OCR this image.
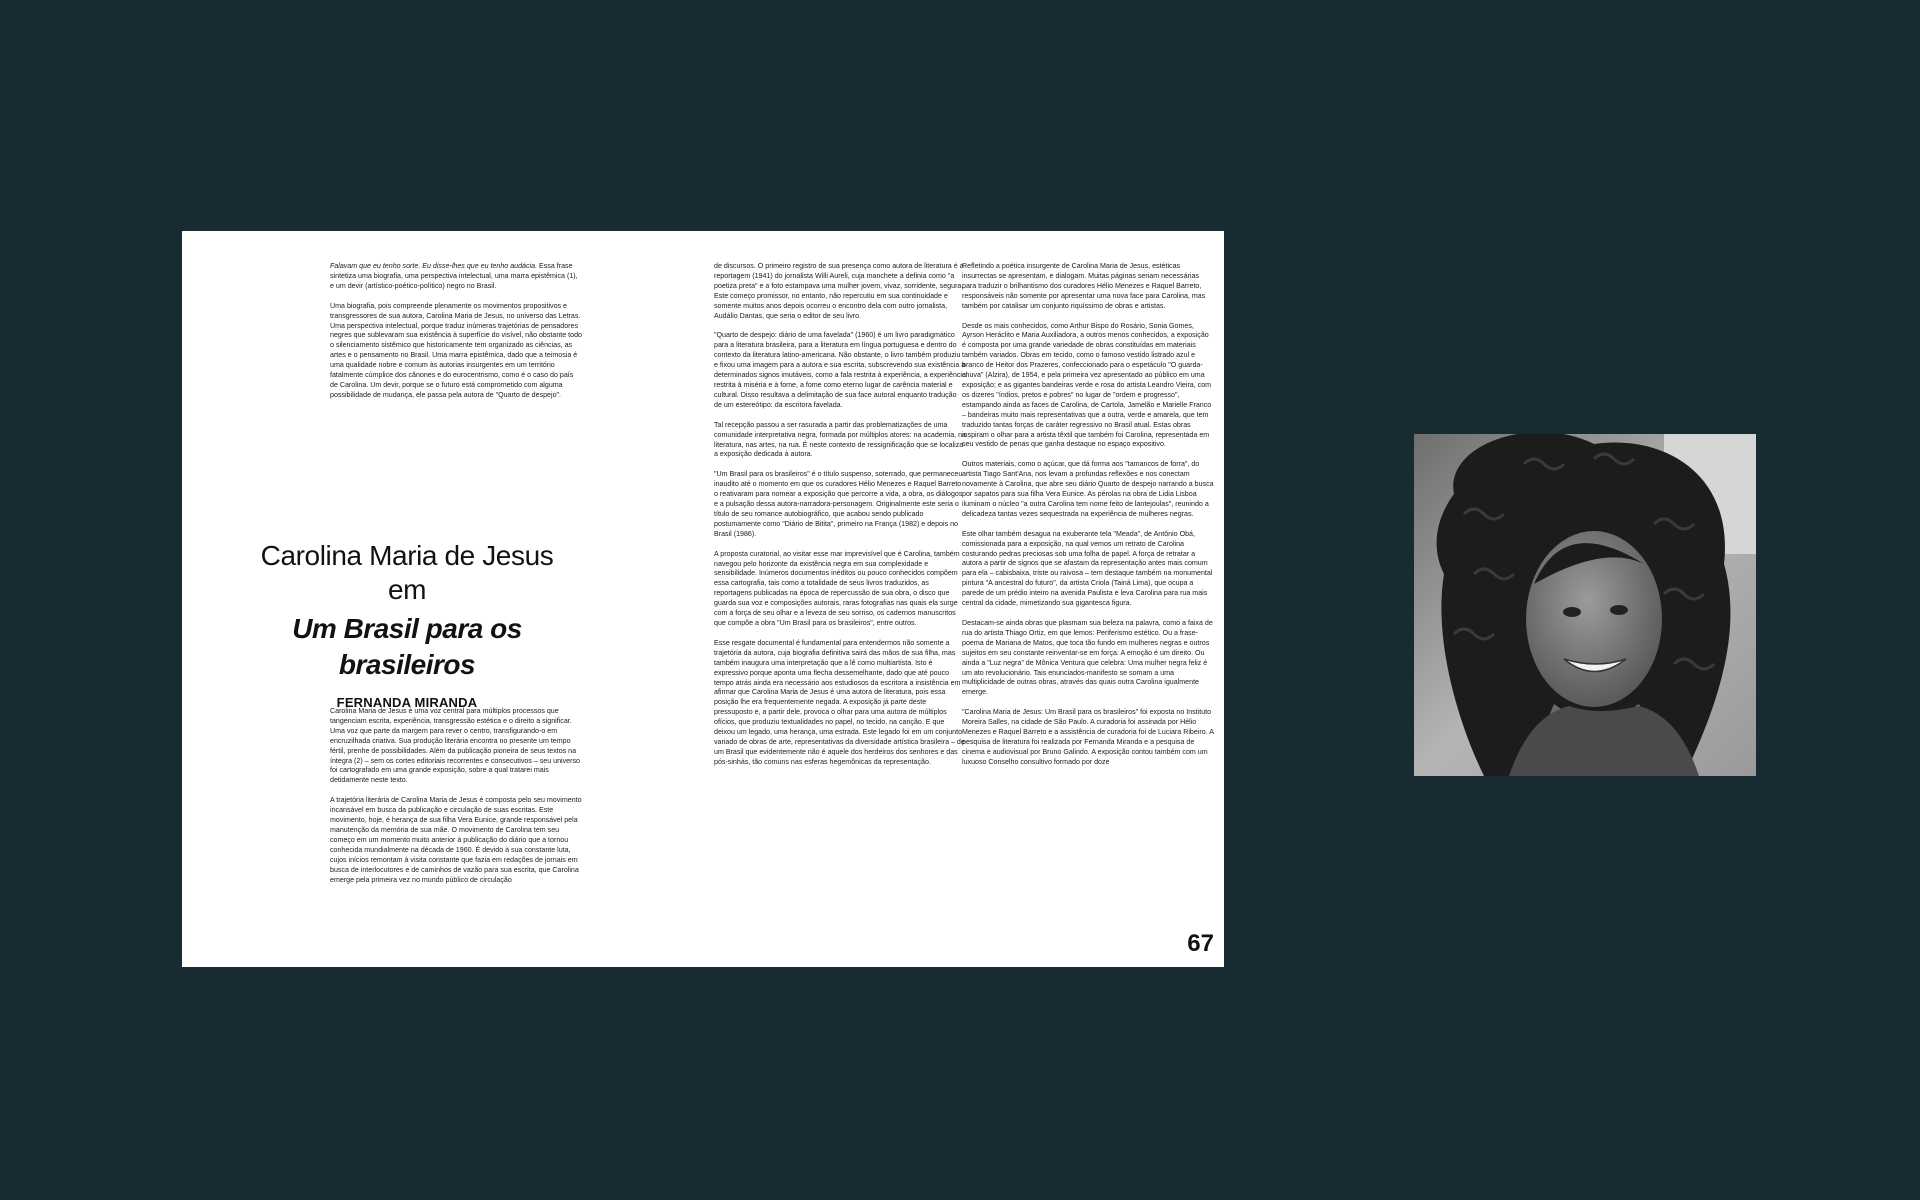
Falavam que eu tenho sorte. Eu disse-lhes que eu tenho audácia. Essa frase sintetiza uma biografia, uma perspectiva intelectual, uma marra epistêmica (1), e um devir (artístico-poético-político) negro no Brasil.

Uma biografia, pois compreende plenamente os movimentos propositivos e transgressores de sua autora, Carolina Maria de Jesus, no universo das Letras. Uma perspectiva intelectual, porque traduz inúmeras trajetórias de pensadores negres que sublevaram sua existência à superfície do visível, não obstante todo o silenciamento sistêmico que historicamente tem organizado as ciências, as artes e o pensamento no Brasil. Uma marra epistêmica, dado que a teimosia é uma qualidade nobre e comum às autorias insurgentes em um território fatalmente cúmplice dos cânones e do eurocentrismo, como é o caso do país de Carolina. Um devir, porque se o futuro está comprometido com alguma possibilidade de mudança, ele passa pela autora de "Quarto de despejo".

Carolina Maria de Jesus em
Um Brasil para os brasileiros
FERNANDA MIRANDA

Carolina Maria de Jesus é uma voz central para múltiplos processos que tangenciam escrita, experiência, transgressão estética e o direito a significar. Uma voz que parte da margem para rever o centro, transfigurando-o em encruzilhada criativa. Sua produção literária encontra no presente um tempo fértil, prenhe de possibilidades. Além da publicação pioneira de seus textos na íntegra (2) – sem os cortes editoriais recorrentes e consecutivos – seu universo foi cartografado em uma grande exposição, sobre a qual tratarei mais detidamente neste texto.

A trajetória literária de Carolina Maria de Jesus é composta pelo seu movimento incansável em busca da publicação e circulação de suas escritas. Este movimento, hoje, é herança de sua filha Vera Eunice, grande responsável pela manutenção da memória de sua mãe. O movimento de Carolina tem seu começo em um momento muito anterior à publicação do diário que a tornou conhecida mundialmente na década de 1960. É devido à sua constante luta, cujos inícios remontam à visita constante que fazia em redações de jornais em busca de interlocutores e de caminhos de vazão para sua escrita, que Carolina emerge pela primeira vez no mundo público de circulação

de discursos. O primeiro registro de sua presença como autora de literatura é a reportagem (1941) do jornalista Willi Aureli, cuja manchete a definia como "a poetiza preta" e a foto estampava uma mulher jovem, vivaz, sorridente, segura. Este começo promissor, no entanto, não repercutiu em sua continuidade e somente muitos anos depois ocorreu o encontro dela com outro jornalista, Audálio Dantas, que seria o editor de seu livro.

"Quarto de despejo: diário de uma favelada" (1960) é um livro paradigmático para a literatura brasileira, para a literatura em língua portuguesa e dentro do contexto da literatura latino-americana. Não obstante, o livro também produziu e fixou uma imagem para a autora e sua escrita, subscrevendo sua existência a determinados signos imutáveis, como a fala restrita à experiência, a experiência restrita à miséria e à fome, a fome como eterno lugar de carência material e cultural. Disso resultava a delimitação de sua face autoral enquanto tradução de um estereótipo: da escritora favelada.

Tal recepção passou a ser rasurada a partir das problematizações de uma comunidade interpretativa negra, formada por múltiplos atores: na academia, na literatura, nas artes, na rua. É neste contexto de ressignificação que se localiza a exposição dedicada à autora.

"Um Brasil para os brasileiros" é o título suspenso, soterrado, que permaneceu inaudito até o momento em que os curadores Hélio Menezes e Raquel Barreto o reativaram para nomear a exposição que percorre a vida, a obra, os diálogos e a pulsação dessa autora-narradora-personagem. Originalmente este seria o título de seu romance autobiográfico, que acabou sendo publicado postumamente como "Diário de Bitita", primeiro na França (1982) e depois no Brasil (1986).

A proposta curatorial, ao visitar esse mar imprevisível que é Carolina, também navegou pelo horizonte da existência negra em sua complexidade e sensibilidade. Inúmeros documentos inéditos ou pouco conhecidos compõem essa cartografia, tais como a totalidade de seus livros traduzidos, as reportagens publicadas na época de repercussão de sua obra, o disco que guarda sua voz e composições autorais, raras fotografias nas quais ela surge com a força de seu olhar e a leveza de seu sorriso, os cadernos manuscritos que compõe a obra "Um Brasil para os brasileiros", entre outros.

Esse resgate documental é fundamental para entendermos não somente a trajetória da autora, cuja biografia definitiva sairá das mãos de sua filha, mas também inaugura uma interpretação que a lê como multiartista. Isto é expressivo porque aponta uma flecha dessemelhante, dado que até pouco tempo atrás ainda era necessário aos estudiosos da escritora a insistência em afirmar que Carolina Maria de Jesus é uma autora de literatura, pois essa posição lhe era frequentemente negada. A exposição já parte deste pressuposto e, a partir dele, provoca o olhar para uma autora de múltiplos ofícios, que produziu textualidades no papel, no tecido, na canção. E que deixou um legado, uma herança, uma estrada. Este legado foi em um conjunto variado de obras de arte, representativas da diversidade artística brasileira – de um Brasil que evidentemente não é aquele dos herdeiros dos senhores e das pós-sinhás, tão comuns nas esferas hegemônicas da representação.

Refletindo a poética insurgente de Carolina Maria de Jesus, estéticas insurrectas se apresentam, e dialogam. Muitas páginas seriam necessárias para traduzir o brilhantismo dos curadores Hélio Menezes e Raquel Barreto, responsáveis não somente por apresentar uma nova face para Carolina, mas também por catalisar um conjunto riquíssimo de obras e artistas.

Desde os mais conhecidos, como Arthur Bispo do Rosário, Sonia Gomes, Ayrson Heráclito e Maria Auxiliadora, a outros menos conhecidos, a exposição é composta por uma grande variedade de obras constituídas em materiais também variados. Obras em tecido, como o famoso vestido listrado azul e branco de Heitor dos Prazeres, confeccionado para o espetáculo "O guarda-chuva" (Alzira), de 1954, e pela primeira vez apresentado ao público em uma exposição; e as gigantes bandeiras verde e rosa do artista Leandro Vieira, com os dizeres "índios, pretos e pobres" no lugar de "ordem e progresso", estampando ainda as faces de Carolina, de Cartola, Jamelão e Marielle Franco – bandeiras muito mais representativas que a outra, verde e amarela, que tem traduzido tantas forças de caráter regressivo no Brasil atual. Estas obras inspiram o olhar para a artista têxtil que também foi Carolina, representada em seu vestido de penas que ganha destaque no espaço expositivo.

Outros materiais, como o açúcar, que dá forma aos "tamancos de forra", do artista Tiago Sant'Ana, nos levam a profundas reflexões e nos conectam novamente à Carolina, que abre seu diário Quarto de despejo narrando a busca por sapatos para sua filha Vera Eunice. As pérolas na obra de Lidia Lisboa iluminam o núcleo "a outra Carolina tem nome feito de lantejoulas", reunindo a delicadeza tantas vezes sequestrada na experiência de mulheres negras.

Este olhar também desagua na exuberante tela "Meada", de Antônio Obá, comissionada para a exposição, na qual vemos um retrato de Carolina costurando pedras preciosas sob uma folha de papel. A força de retratar a autora a partir de signos que se afastam da representação antes mais comum para ela – cabisbaixa, triste ou raivosa – tem destaque também na monumental pintura "A ancestral do futuro", da artista Criola (Tainá Lima), que ocupa a parede de um prédio inteiro na avenida Paulista e leva Carolina para rua mais central da cidade, mimetizando sua gigantesca figura.

Destacam-se ainda obras que plasmam sua beleza na palavra, como a faixa de rua do artista Thiago Ortiz, em que lemos: Periferismo estético. Ou a frase-poema de Mariana de Matos, que toca tão fundo em mulheres negras e outros sujeitos em seu constante reinventar-se em força: A emoção é um direito. Ou ainda a "Luz negra" de Mônica Ventura que celebra: Uma mulher negra feliz é um ato revolucionário. Tais enunciados-manifesto se somam a uma multiplicidade de outras obras, através das quais outra Carolina igualmente emerge.

"Carolina Maria de Jesus: Um Brasil para os brasileiros" foi exposta no Instituto Moreira Salles, na cidade de São Paulo. A curadoria foi assinada por Hélio Menezes e Raquel Barreto e a assistência de curadoria foi de Luciara Ribeiro. A pesquisa de literatura foi realizada por Fernanda Miranda e a pesquisa de cinema e audiovisual por Bruno Galindo. A exposição contou também com um luxuoso Conselho consultivo formado por doze

67
